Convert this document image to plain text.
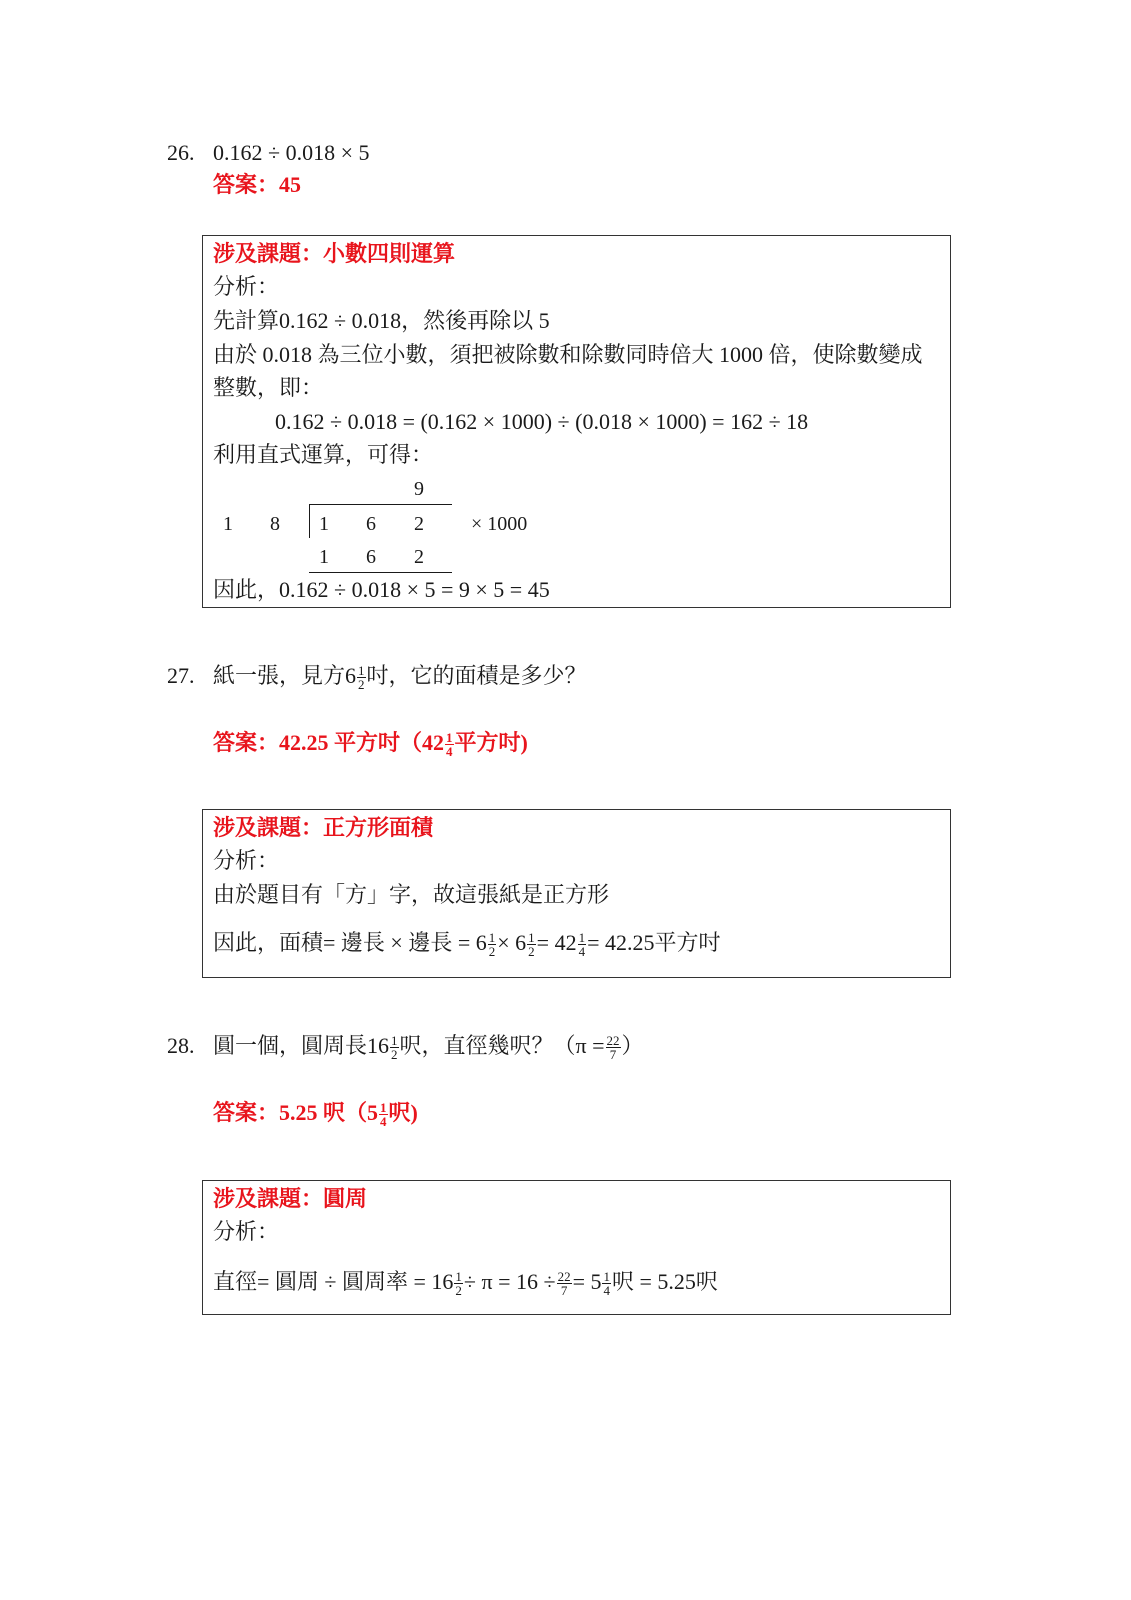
26. 0.162 ÷ 0.018 × 5
答案：45
涉及課題：小數四則運算
分析：
先計算0.162 ÷ 0.018，然後再除以 5
由於 0.018 為三位小數，須把被除數和除數同時倍大 1000 倍，使除數變成
整數，即：
0.162 ÷ 0.018 = (0.162 × 1000) ÷ (0.018 × 1000) = 162 ÷ 18
利用直式運算，可得：
9
1 8 1 6 2 × 1000
1 6 2
因此，0.162 ÷ 0.018 × 5 = 9 × 5 = 45
27. 紙一張，見方$6 \frac{1}{2}$ 吋，它的面積是多少？
答案：42.25 平方吋（$42 \frac{1}{4}$ 平方吋)
涉及課題：正方形面積
分析：
由於題目有「方」字，故這張紙是正方形
因此，面積= 邊長 × 邊長 = $6 \frac{1}{2} \times 6 \frac{1}{2} = 42 \frac{1}{4} = 42.25$平方吋
28. 圓一個，圓周長$16 \frac{1}{2}$ 呎，直徑幾呎？（$\pi = \frac{22}{7}$ ）
答案：5.25 呎（$5 \frac{1}{4}$ 呎)
涉及課題：圓周
分析：
直徑= 圓周 ÷ 圓周率 = $16 \frac{1}{2} \div \pi = 16 \div \frac{22}{7} = 5 \frac{1}{4}$ 呎 = 5.25呎
